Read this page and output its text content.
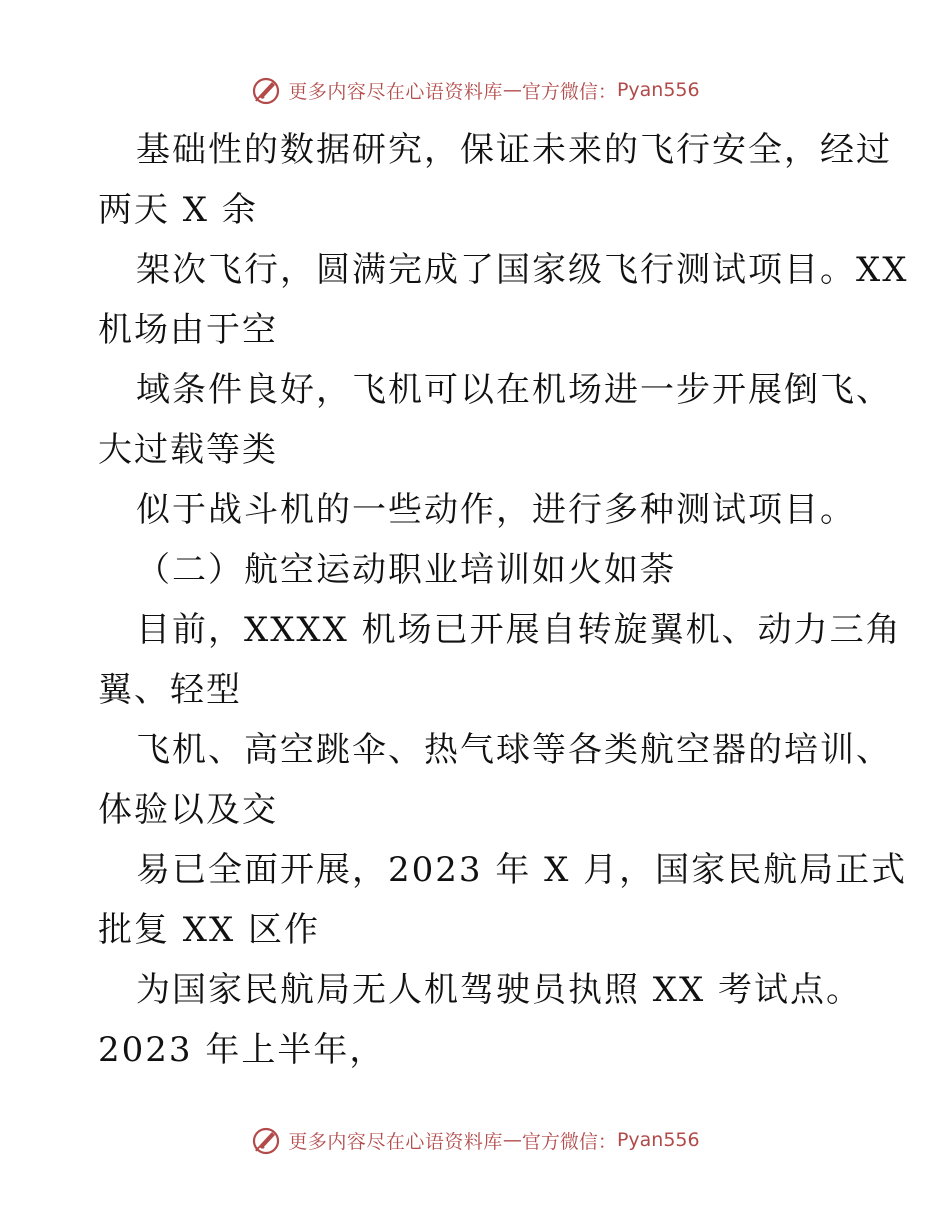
更多内容尽在心语资料库 — 官方微信： Pyan556
基础性的数据研究，保证未来的飞行安全，经过
两天 X 余
架次飞行，圆满完成了国家级飞行测试项目。XX
机场由于空
域条件良好，飞机可以在机场进一步开展倒飞、
大过载等类
似于战斗机的一些动作，进行多种测试项目。
（二）航空运动职业培训如火如荼
目前，XXXX 机场已开展自转旋翼机、动力三角
翼、轻型
飞机、高空跳伞、热气球等各类航空器的培训、
体验以及交
易已全面开展，2023 年 X 月，国家民航局正式
批复 XX 区作
为国家民航局无人机驾驶员执照 XX 考试点。
2023 年上半年，
更多内容尽在心语资料库 — 官方微信： Pyan556
